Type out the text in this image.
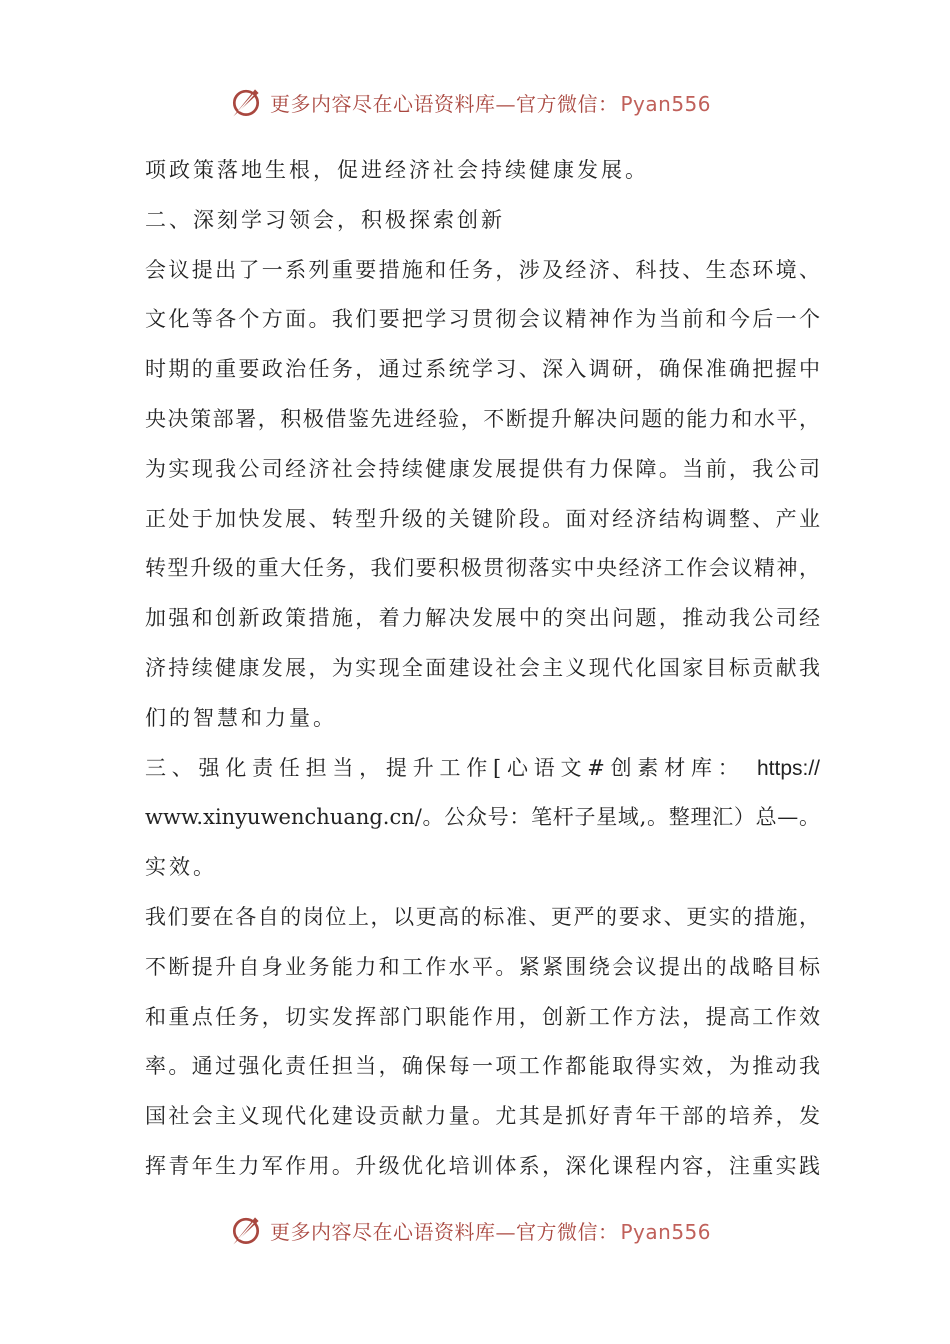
更多内容尽在心语资料库—官方微信： Pyan556
项政策落地生根，促进经济社会持续健康发展。
二、深刻学习领会，积极探索创新
会议提出了一系列重要措施和任务，涉及经济、科技、生态环境、
文化等各个方面。我们要把学习贯彻会议精神作为当前和今后一个
时期的重要政治任务，通过系统学习、深入调研，确保准确把握中
央决策部署，积极借鉴先进经验，不断提升解决问题的能力和水平，
为实现我公司经济社会持续健康发展提供有力保障。当前，我公司
正处于加快发展、转型升级的关键阶段。面对经济结构调整、产业
转型升级的重大任务，我们要积极贯彻落实中央经济工作会议精神，
加强和创新政策措施，着力解决发展中的突出问题，推动我公司经
济持续健康发展，为实现全面建设社会主义现代化国家目标贡献我
们的智慧和力量。
三、强化责任担当，提升工作[心语文#创素材库： https://
www.xinyuwenchuang.cn/。公众号：笔杆子星域,。整理汇）总—。
实效。
我们要在各自的岗位上，以更高的标准、更严的要求、更实的措施，
不断提升自身业务能力和工作水平。紧紧围绕会议提出的战略目标
和重点任务，切实发挥部门职能作用，创新工作方法，提高工作效
率。通过强化责任担当，确保每一项工作都能取得实效，为推动我
国社会主义现代化建设贡献力量。尤其是抓好青年干部的培养，发
挥青年生力军作用。升级优化培训体系，深化课程内容，注重实践
更多内容尽在心语资料库—官方微信： Pyan556
